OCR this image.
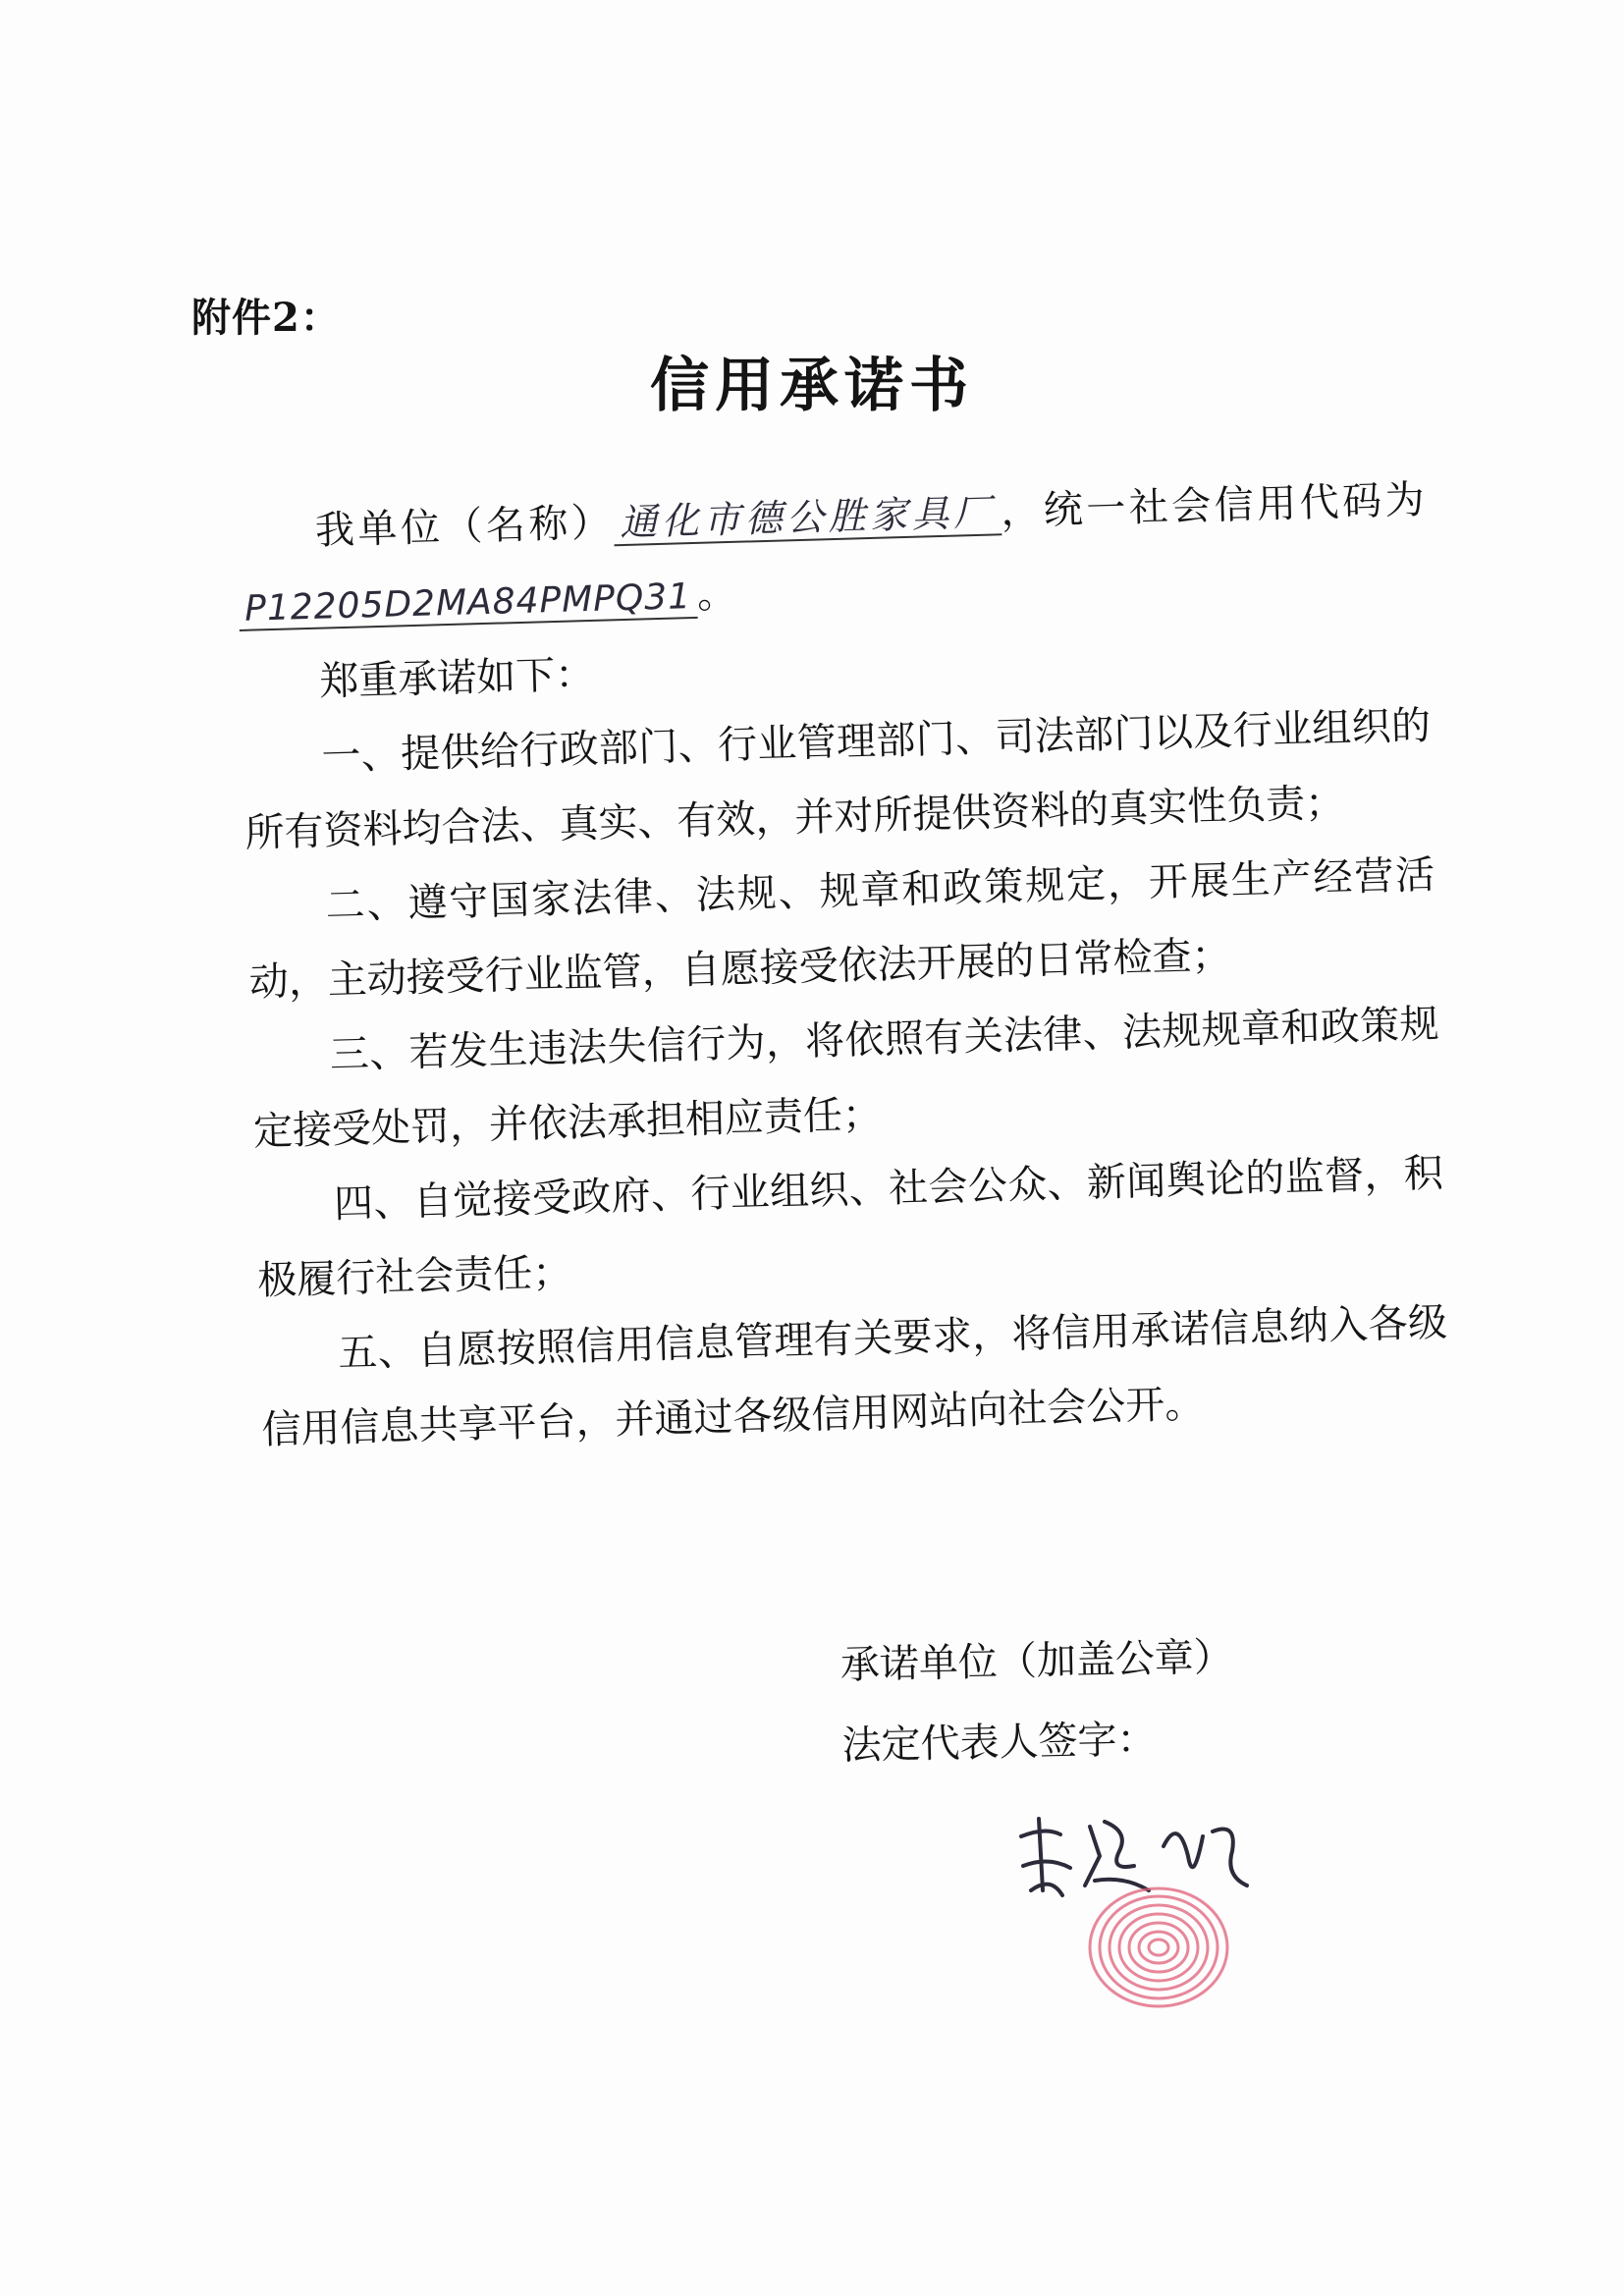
附件2：
信用承诺书

我单位（名称） 通化市德公胜家具厂 ，统一社会信用代码为P12205D2MA84PMPQ31 。

郑重承诺如下：

一、提供给行政部门、行业管理部门、司法部门以及行业组织的所有资料均合法、真实、有效，并对所提供资料的真实性负责；

二、遵守国家法律、法规、规章和政策规定，开展生产经营活动，主动接受行业监管，自愿接受依法开展的日常检查；

三、若发生违法失信行为，将依照有关法律、法规规章和政策规定接受处罚，并依法承担相应责任；

四、自觉接受政府、行业组织、社会公众、新闻舆论的监督，积极履行社会责任；

五、自愿按照信用信息管理有关要求，将信用承诺信息纳入各级信用信息共享平台，并通过各级信用网站向社会公开。

承诺单位（加盖公章）
法定代表人签字：
